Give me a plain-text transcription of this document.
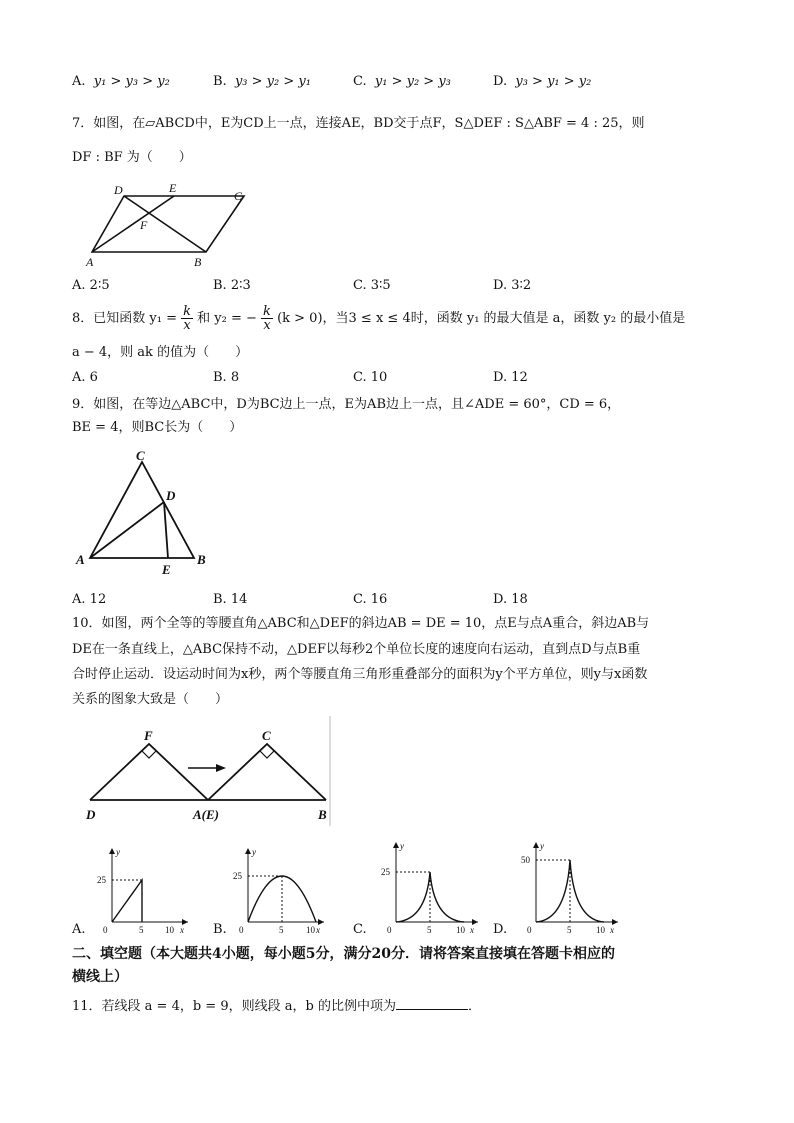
A. y₁ > y₃ > y₂	B. y₃ > y₂ > y₁	C. y₁ > y₂ > y₃	D. y₃ > y₁ > y₂
7．如图，在▱ABCD中，E为CD上一点，连接AE，BD交于点F，S△DEF : S△ABF = 4 : 25，则
DF : BF 为（　　）
D	E
C
F
A	B
A. 2∶5	B. 2∶3	C. 3∶5	D. 3∶2
8．已知函数 $y_1 = \frac{k}{x}$ 和 y₂ = − $\frac{k}{x} (k > 0)$，当3 ≤ x ≤ 4时，函数 y₁ 的最大值是 a，函数 y₂ 的最小值是
a − 4，则 ak 的值为（　　）
A. 6	B. 8	C. 10	D. 12
9．如图，在等边△ABC中，D为BC边上一点，E为AB边上一点，且∠ADE = 60°，CD = 6，
BE = 4，则BC长为（　　）
C
D
A
E
B
A. 12	B. 14	C. 16	D. 18
10．如图，两个全等的等腰直角△ABC和△DEF的斜边AB = DE = 10，点E与点A重合，斜边AB与
DE在一条直线上，△ABC保持不动，△DEF以每秒2个单位长度的速度向右运动，直到点D与点B重
合时停止运动．设运动时间为x秒，两个等腰直角三角形重叠部分的面积为y个平方单位，则y与x函数
关系的图象大致是（　　）
F	C
D	A(E)	B
A.
y
x
25
0	5 10	B.
y
x
25
0	5	10	C.
y
x
25
0	5	10 D.
y
x
50
0	5	10
二、填空题（本大题共4小题，每小题5分，满分20分．请将答案直接填在答题卡相应的
横线上）
11．若线段 a = 4，b = 9，则线段 a，b 的比例中项为	．
